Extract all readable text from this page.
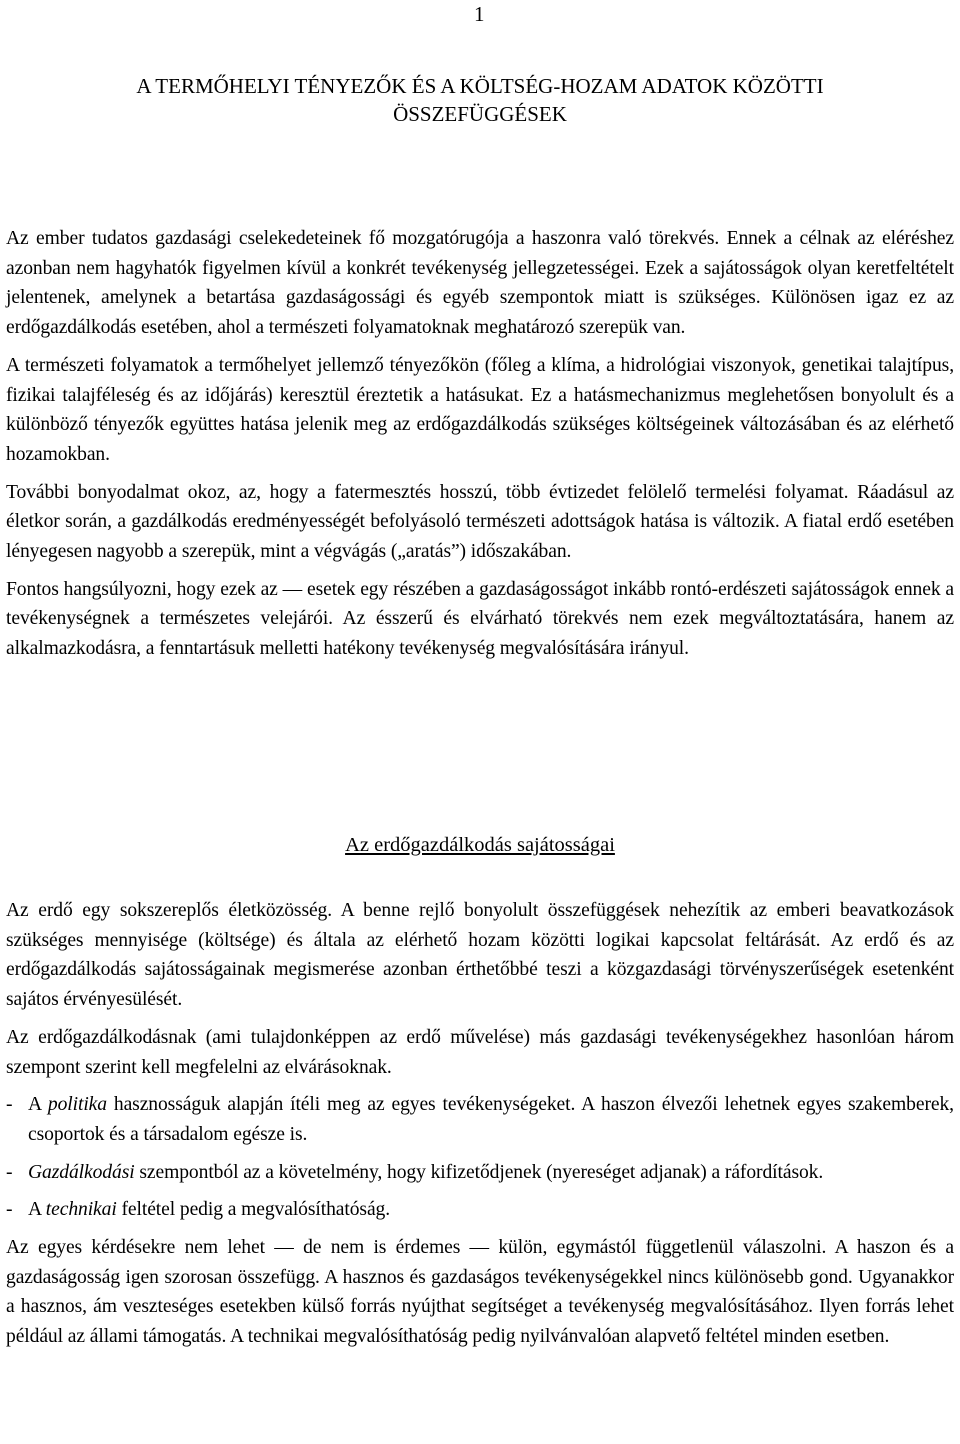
1
A TERMŐHELYI TÉNYEZŐK ÉS A KÖLTSÉG-HOZAM ADATOK KÖZÖTTI
ÖSSZEFÜGGÉSEK

Az ember tudatos gazdasági cselekedeteinek fő mozgatórugója a haszonra való törekvés. Ennek a célnak az eléréshez azonban nem hagyhatók figyelmen kívül a konkrét tevékenység jellegzetességei. Ezek a sajátosságok olyan keretfeltételt jelentenek, amelynek a betartása gazdaságossági és egyéb szempontok miatt is szükséges. Különösen igaz ez az erdőgazdálkodás esetében, ahol a természeti folyamatoknak meghatározó szerepük van.

A természeti folyamatok a termőhelyet jellemző tényezőkön (főleg a klíma, a hidrológiai viszonyok, genetikai talajtípus, fizikai talajféleség és az időjárás) keresztül éreztetik a hatásukat. Ez a hatásmechanizmus meglehetősen bonyolult és a különböző tényezők együttes hatása jelenik meg az erdőgazdálkodás szükséges költségeinek változásában és az elérhető hozamokban.

További bonyodalmat okoz, az, hogy a fatermesztés hosszú, több évtizedet felölelő termelési folyamat. Ráadásul az életkor során, a gazdálkodás eredményességét befolyásoló természeti adottságok hatása is változik. A fiatal erdő esetében lényegesen nagyobb a szerepük, mint a végvágás („aratás”) időszakában.

Fontos hangsúlyozni, hogy ezek az — esetek egy részében a gazdaságosságot inkább rontó-erdészeti sajátosságok ennek a tevékenységnek a természetes velejárói. Az ésszerű és elvárható törekvés nem ezek megváltoztatására, hanem az alkalmazkodásra, a fenntartásuk melletti hatékony tevékenység megvalósítására irányul.

Az erdőgazdálkodás sajátosságai

Az erdő egy sokszereplős életközösség. A benne rejlő bonyolult összefüggések nehezítik az emberi beavatkozások szükséges mennyisége (költsége) és általa az elérhető hozam közötti logikai kapcsolat feltárását. Az erdő és az erdőgazdálkodás sajátosságainak megismerése azonban érthetőbbé teszi a közgazdasági törvényszerűségek esetenként sajátos érvényesülését.

Az erdőgazdálkodásnak (ami tulajdonképpen az erdő művelése) más gazdasági tevékenységekhez hasonlóan három szempont szerint kell megfelelni az elvárásoknak.

- A politika hasznosságuk alapján ítéli meg az egyes tevékenységeket. A haszon élvezői lehetnek egyes szakemberek, csoportok és a társadalom egésze is.
- Gazdálkodási szempontból az a követelmény, hogy kifizetődjenek (nyereséget adjanak) a ráfordítások.
- A technikai feltétel pedig a megvalósíthatóság.

Az egyes kérdésekre nem lehet — de nem is érdemes — külön, egymástól függetlenül válaszolni. A haszon és a gazdaságosság igen szorosan összefügg. A hasznos és gazdaságos tevékenységekkel nincs különösebb gond. Ugyanakkor a hasznos, ám veszteséges esetekben külső forrás nyújthat segítséget a tevékenység megvalósításához. Ilyen forrás lehet például az állami támogatás. A technikai megvalósíthatóság pedig nyilvánvalóan alapvető feltétel minden esetben.
